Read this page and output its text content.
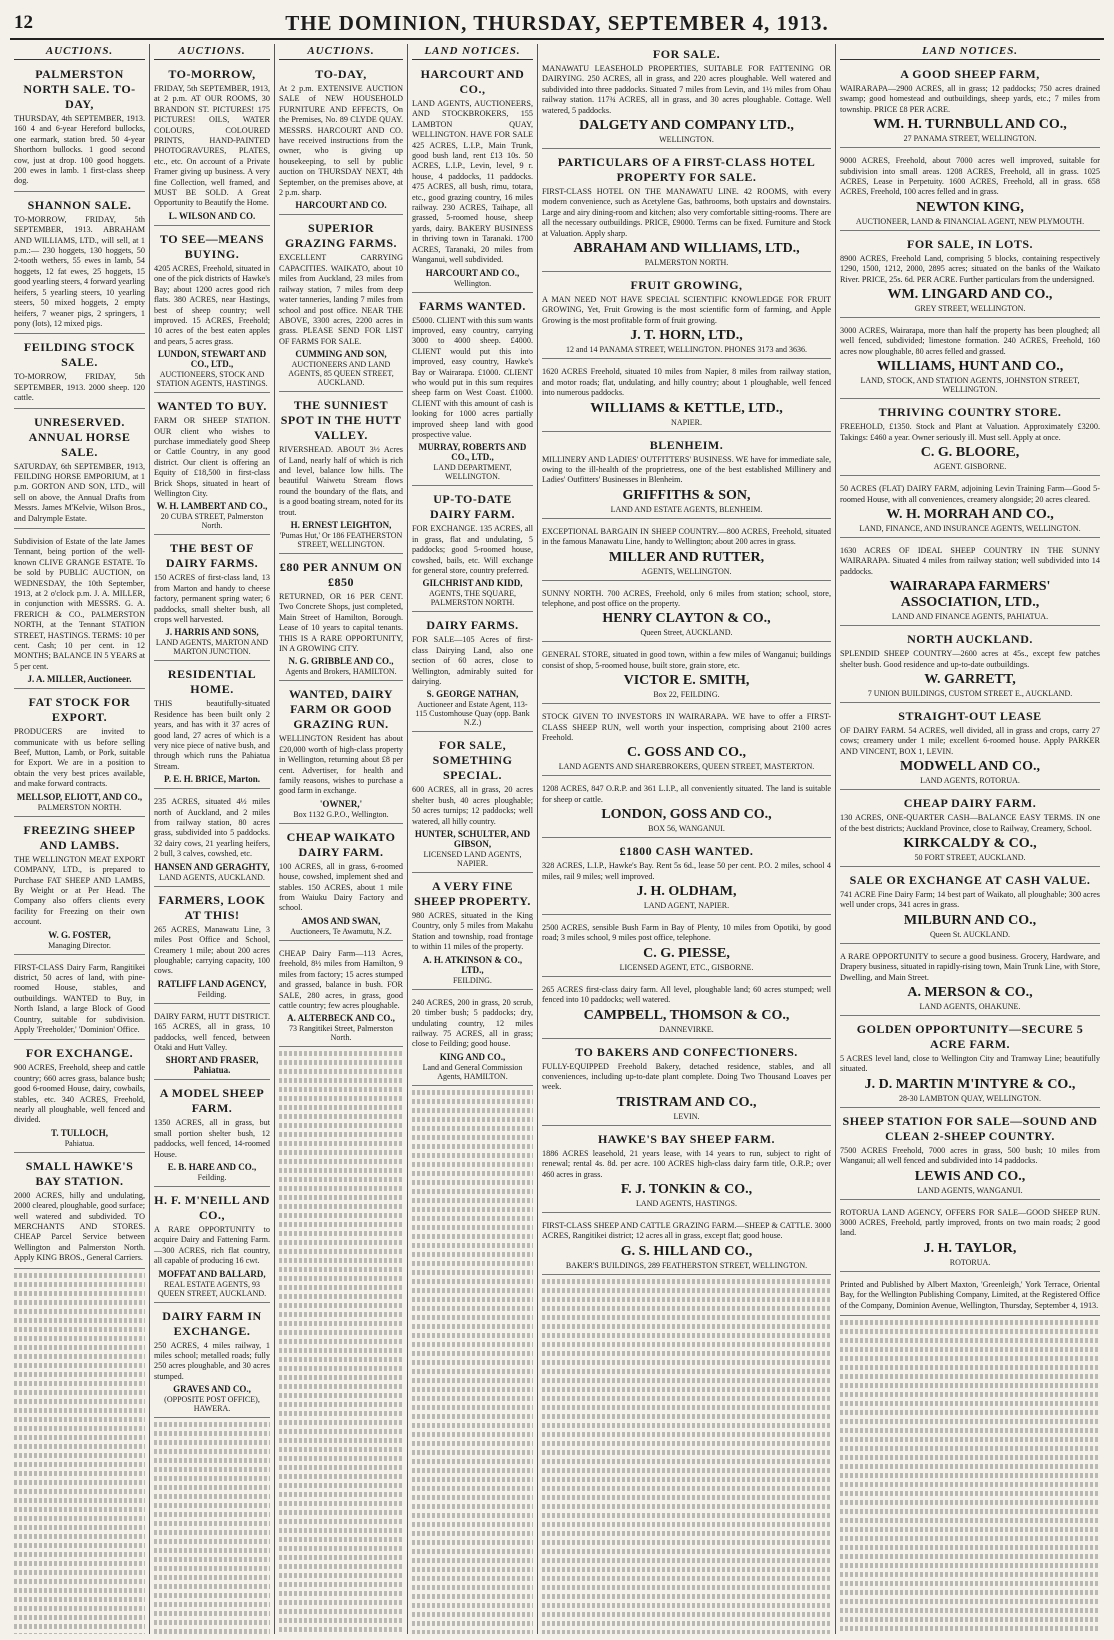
12	THE DOMINION, THURSDAY, SEPTEMBER 4, 1913.
AUCTIONS.
PALMERSTON NORTH SALE. TO-DAY,
THURSDAY, 4th SEPTEMBER, 1913. 160 4 and 6-year Hereford bullocks, one earmark, station bred. 50 4-year Shorthorn bullocks. 1 good second cow, just at drop. 100 good hoggets. 200 ewes in lamb. 1 first-class sheep dog.
SHANNON SALE.
TO-MORROW, FRIDAY, 5th SEPTEMBER, 1913. ABRAHAM AND WILLIAMS, LTD., will sell, at 1 p.m.:— 230 hoggets, 130 hoggets, 50 2-tooth wethers, 55 ewes in lamb, 54 hoggets, 12 fat ewes, 25 hoggets, 15 good yearling steers, 4 forward yearling heifers, 5 yearling steers, 10 yearling steers, 50 mixed hoggets, 2 empty heifers, 7 weaner pigs, 2 springers, 1 pony (lots), 12 mixed pigs.
FEILDING STOCK SALE.
TO-MORROW, FRIDAY, 5th SEPTEMBER, 1913. 2000 sheep. 120 cattle.
UNRESERVED. ANNUAL HORSE SALE.
SATURDAY, 6th SEPTEMBER, 1913, FEILDING HORSE EMPORIUM, at 1 p.m. GORTON AND SON, LTD., will sell on above, the Annual Drafts from Messrs. James M'Kelvie, Wilson Bros., and Dalrymple Estate.
Subdivision of Estate of the late James Tennant, being portion of the well-known CLIVE GRANGE ESTATE. To be sold by PUBLIC AUCTION, on WEDNESDAY, the 10th September, 1913, at 2 o'clock p.m. J. A. MILLER, in conjunction with MESSRS. G. A. FRERICH & CO., PALMERSTON NORTH, at the Tennant STATION STREET, HASTINGS. TERMS: 10 per cent. Cash; 10 per cent. in 12 MONTHS; BALANCE IN 5 YEARS at 5 per cent.
J. A. MILLER, Auctioneer.
FAT STOCK FOR EXPORT.
PRODUCERS are invited to communicate with us before selling Beef, Mutton, Lamb, or Pork, suitable for Export. We are in a position to obtain the very best prices available, and make forward contracts.
MELLSOP, ELIOTT, AND CO.,
PALMERSTON NORTH.
FREEZING SHEEP AND LAMBS.
THE WELLINGTON MEAT EXPORT COMPANY, LTD., is prepared to Purchase FAT SHEEP AND LAMBS, By Weight or at Per Head. The Company also offers clients every facility for Freezing on their own account.
W. G. FOSTER,
Managing Director.
FIRST-CLASS Dairy Farm, Rangitikei district, 50 acres of land, with pine-roomed House, stables, and outbuildings. WANTED to Buy, in North Island, a large Block of Good Country, suitable for subdivision. Apply 'Freeholder,' 'Dominion' Office.
FOR EXCHANGE.
900 ACRES, Freehold, sheep and cattle country; 660 acres grass, balance bush; good 6-roomed House, dairy, cowbails, stables, etc. 340 ACRES, Freehold, nearly all ploughable, well fenced and divided.
T. TULLOCH,
Pahiatua.
SMALL HAWKE'S BAY STATION.
2000 ACRES, hilly and undulating, 2000 cleared, ploughable, good surface; well watered and subdivided. TO MERCHANTS AND STORES. CHEAP Parcel Service between Wellington and Palmerston North. Apply KING BROS., General Carriers.
AUCTIONS.
TO-MORROW,
FRIDAY, 5th SEPTEMBER, 1913, at 2 p.m. AT OUR ROOMS, 30 BRANDON ST. PICTURES! 175 PICTURES! OILS, WATER COLOURS, COLOURED PRINTS, HAND-PAINTED PHOTOGRAVURES, PLATES, etc., etc. On account of a Private Framer giving up business. A very fine Collection, well framed, and MUST BE SOLD. A Great Opportunity to Beautify the Home.
L. WILSON AND CO.
TO SEE—MEANS BUYING.
4205 ACRES, Freehold, situated in one of the pick districts of Hawke's Bay; about 1200 acres good rich flats. 380 ACRES, near Hastings, best of sheep country; well improved. 15 ACRES, Freehold; 10 acres of the best eaten apples and pears, 5 acres grass.
LUNDON, STEWART AND CO., LTD.,
AUCTIONEERS, STOCK AND STATION AGENTS, HASTINGS.
WANTED TO BUY.
FARM OR SHEEP STATION. OUR client who wishes to purchase immediately good Sheep or Cattle Country, in any good district. Our client is offering an Equity of £18,500 in first-class Brick Shops, situated in heart of Wellington City.
W. H. LAMBERT AND CO.,
20 CUBA STREET, Palmerston North.
THE BEST OF DAIRY FARMS.
150 ACRES of first-class land, 13 from Marton and handy to cheese factory, permanent spring water; 6 paddocks, small shelter bush, all crops well harvested.
J. HARRIS AND SONS,
LAND AGENTS, MARTON AND MARTON JUNCTION.
RESIDENTIAL HOME.
THIS beautifully-situated Residence has been built only 2 years, and has with it 37 acres of good land, 27 acres of which is a very nice piece of native bush, and through which runs the Pahiatua Stream.
P. E. H. BRICE, Marton.
235 ACRES, situated 4½ miles north of Auckland, and 2 miles from railway station, 80 acres grass, subdivided into 5 paddocks. 32 dairy cows, 21 yearling heifers, 2 bull, 3 calves, cowshed, etc.
HANSEN AND GERAGHTY,
LAND AGENTS, AUCKLAND.
FARMERS, LOOK AT THIS!
265 ACRES, Manawatu Line, 3 miles Post Office and School, Creamery 1 mile; about 200 acres ploughable; carrying capacity, 100 cows.
RATLIFF LAND AGENCY,
Feilding.
DAIRY FARM, HUTT DISTRICT. 165 ACRES, all in grass, 10 paddocks, well fenced, between Otaki and Hutt Valley.
SHORT AND FRASER, Pahiatua.
A MODEL SHEEP FARM.
1350 ACRES, all in grass, but small portion shelter bush, 12 paddocks, well fenced, 14-roomed House.
E. B. HARE AND CO.,
Feilding.
H. F. M'NEILL AND CO.,
A RARE OPPORTUNITY to acquire Dairy and Fattening Farm.—300 ACRES, rich flat country, all capable of producing 16 cwt.
MOFFAT AND BALLARD,
REAL ESTATE AGENTS, 93 QUEEN STREET, AUCKLAND.
DAIRY FARM IN EXCHANGE.
250 ACRES, 4 miles railway, 1 miles school; metalled roads; fully 250 acres ploughable, and 30 acres stumped.
GRAVES AND CO.,
(OPPOSITE POST OFFICE), HAWERA.
AUCTIONS.
TO-DAY,
At 2 p.m. EXTENSIVE AUCTION SALE of NEW HOUSEHOLD FURNITURE AND EFFECTS, On the Premises, No. 89 CLYDE QUAY. MESSRS. HARCOURT AND CO. have received instructions from the owner, who is giving up housekeeping, to sell by public auction on THURSDAY NEXT, 4th September, on the premises above, at 2 p.m. sharp.
HARCOURT AND CO.
SUPERIOR GRAZING FARMS.
EXCELLENT CARRYING CAPACITIES. WAIKATO, about 10 miles from Auckland, 23 miles from railway station, 7 miles from deep water tanneries, landing 7 miles from school and post office. NEAR THE ABOVE, 3300 acres, 2200 acres in grass. PLEASE SEND FOR LIST OF FARMS FOR SALE.
CUMMING AND SON,
AUCTIONEERS AND LAND AGENTS, 85 QUEEN STREET, AUCKLAND.
THE SUNNIEST SPOT IN THE HUTT VALLEY.
RIVERSHEAD. ABOUT 3½ Acres of Land, nearly half of which is rich and level, balance low hills. The beautiful Waiwetu Stream flows round the boundary of the flats, and is a good boating stream, noted for its trout.
H. ERNEST LEIGHTON,
'Pumas Hut,' Or 186 FEATHERSTON STREET, WELLINGTON.
£80 PER ANNUM ON £850
RETURNED, OR 16 PER CENT. Two Concrete Shops, just completed, Main Street of Hamilton, Borough. Lease of 10 years to capital tenants. THIS IS A RARE OPPORTUNITY, IN A GROWING CITY.
N. G. GRIBBLE AND CO.,
Agents and Brokers, HAMILTON.
WANTED, DAIRY FARM OR GOOD GRAZING RUN.
WELLINGTON Resident has about £20,000 worth of high-class property in Wellington, returning about £8 per cent. Advertiser, for health and family reasons, wishes to purchase a good farm in exchange.
'OWNER,'
Box 1132 G.P.O., Wellington.
CHEAP WAIKATO DAIRY FARM.
100 ACRES, all in grass, 6-roomed house, cowshed, implement shed and stables. 150 ACRES, about 1 mile from Waiuku Dairy Factory and school.
AMOS AND SWAN,
Auctioneers, Te Awamutu, N.Z.
CHEAP Dairy Farm—113 Acres, freehold, 8½ miles from Hamilton, 9 miles from factory; 15 acres stumped and grassed, balance in bush. FOR SALE, 280 acres, in grass, good cattle country; few acres ploughable.
A. ALTERBECK AND CO.,
73 Rangitikei Street, Palmerston North.
LAND NOTICES.
HARCOURT AND CO.,
LAND AGENTS, AUCTIONEERS, AND STOCKBROKERS, 155 LAMBTON QUAY, WELLINGTON. HAVE FOR SALE 425 ACRES, L.I.P., Main Trunk, good bush land, rent £13 10s. 50 ACRES, L.I.P., Levin, level, 9 r. house, 4 paddocks, 11 paddocks. 475 ACRES, all bush, rimu, totara, etc., good grazing country, 16 miles railway. 230 ACRES, Taihape, all grassed, 5-roomed house, sheep yards, dairy. BAKERY BUSINESS in thriving town in Taranaki. 1700 ACRES, Taranaki, 20 miles from Wanganui, well subdivided.
HARCOURT AND CO.,
Wellington.
FARMS WANTED.
£5000. CLIENT with this sum wants improved, easy country, carrying 3000 to 4000 sheep. £4000. CLIENT would put this into improved, easy country, Hawke's Bay or Wairarapa. £1000. CLIENT who would put in this sum requires sheep farm on West Coast. £1000. CLIENT with this amount of cash is looking for 1000 acres partially improved sheep land with good prospective value.
MURRAY, ROBERTS AND CO., LTD.,
LAND DEPARTMENT, WELLINGTON.
UP-TO-DATE DAIRY FARM.
FOR EXCHANGE. 135 ACRES, all in grass, flat and undulating, 5 paddocks; good 5-roomed house, cowshed, bails, etc. Will exchange for general store, country preferred.
GILCHRIST AND KIDD,
AGENTS, THE SQUARE, PALMERSTON NORTH.
DAIRY FARMS.
FOR SALE—105 Acres of first-class Dairying Land, also one section of 60 acres, close to Wellington, admirably suited for dairying.
S. GEORGE NATHAN,
Auctioneer and Estate Agent, 113-115 Customhouse Quay (opp. Bank N.Z.)
FOR SALE, SOMETHING SPECIAL.
600 ACRES, all in grass, 20 acres shelter bush, 40 acres ploughable; 50 acres turnips; 12 paddocks; well watered, all hilly country.
HUNTER, SCHULTER, AND GIBSON,
LICENSED LAND AGENTS, NAPIER.
A VERY FINE SHEEP PROPERTY.
980 ACRES, situated in the King Country, only 5 miles from Makahu Station and township, road frontage to within 11 miles of the property.
A. H. ATKINSON & CO., LTD.,
FEILDING.
240 ACRES, 200 in grass, 20 scrub, 20 timber bush; 5 paddocks; dry, undulating country, 12 miles railway. 75 ACRES, all in grass; close to Feilding; good house.
KING AND CO.,
Land and General Commission Agents, HAMILTON.
FOR SALE.
MANAWATU LEASEHOLD PROPERTIES, SUITABLE FOR FATTENING OR DAIRYING. 250 ACRES, all in grass, and 220 acres ploughable. Well watered and subdivided into three paddocks. Situated 7 miles from Levin, and 1½ miles from Ohau railway station. 117¾ ACRES, all in grass, and 30 acres ploughable. Cottage. Well watered, 5 paddocks.
DALGETY AND COMPANY LTD.,
WELLINGTON.
PARTICULARS OF A FIRST-CLASS HOTEL PROPERTY FOR SALE.
FIRST-CLASS HOTEL ON THE MANAWATU LINE. 42 ROOMS, with every modern convenience, such as Acetylene Gas, bathrooms, both upstairs and downstairs. Large and airy dining-room and kitchen; also very comfortable sitting-rooms. There are all the necessary outbuildings. PRICE, £9000. Terms can be fixed. Furniture and Stock at Valuation. Apply sharp.
ABRAHAM AND WILLIAMS, LTD.,
PALMERSTON NORTH.
FRUIT GROWING,
A MAN NEED NOT HAVE SPECIAL SCIENTIFIC KNOWLEDGE FOR FRUIT GROWING, Yet, Fruit Growing is the most scientific form of farming, and Apple Growing is the most profitable form of fruit growing.
J. T. HORN, LTD.,
12 and 14 PANAMA STREET, WELLINGTON. PHONES 3173 and 3636.
1620 ACRES Freehold, situated 10 miles from Napier, 8 miles from railway station, and motor roads; flat, undulating, and hilly country; about 1 ploughable, well fenced into numerous paddocks.
WILLIAMS & KETTLE, LTD.,
NAPIER.
BLENHEIM.
MILLINERY AND LADIES' OUTFITTERS' BUSINESS. WE have for immediate sale, owing to the ill-health of the proprietress, one of the best established Millinery and Ladies' Outfitters' Businesses in Blenheim.
GRIFFITHS & SON,
LAND AND ESTATE AGENTS, BLENHEIM.
EXCEPTIONAL BARGAIN IN SHEEP COUNTRY.—800 ACRES, Freehold, situated in the famous Manawatu Line, handy to Wellington; about 200 acres in grass.
MILLER AND RUTTER,
AGENTS, WELLINGTON.
SUNNY NORTH. 700 ACRES, Freehold, only 6 miles from station; school, store, telephone, and post office on the property.
HENRY CLAYTON & CO.,
Queen Street, AUCKLAND.
GENERAL STORE, situated in good town, within a few miles of Wanganui; buildings consist of shop, 5-roomed house, built store, grain store, etc.
VICTOR E. SMITH,
Box 22, FEILDING.
STOCK GIVEN TO INVESTORS IN WAIRARAPA. WE have to offer a FIRST-CLASS SHEEP RUN, well worth your inspection, comprising about 2100 acres Freehold.
C. GOSS AND CO.,
LAND AGENTS AND SHAREBROKERS, QUEEN STREET, MASTERTON.
1208 ACRES, 847 O.R.P. and 361 L.I.P., all conveniently situated. The land is suitable for sheep or cattle.
LONDON, GOSS AND CO.,
BOX 56, WANGANUI.
£1800 CASH WANTED.
328 ACRES, L.I.P., Hawke's Bay. Rent 5s 6d., lease 50 per cent. P.O. 2 miles, school 4 miles, rail 9 miles; well improved.
J. H. OLDHAM,
LAND AGENT, NAPIER.
2500 ACRES, sensible Bush Farm in Bay of Plenty, 10 miles from Opotiki, by good road; 3 miles school, 9 miles post office, telephone.
C. G. PIESSE,
LICENSED AGENT, ETC., GISBORNE.
265 ACRES first-class dairy farm. All level, ploughable land; 60 acres stumped; well fenced into 10 paddocks; well watered.
CAMPBELL, THOMSON & CO.,
DANNEVIRKE.
TO BAKERS AND CONFECTIONERS.
FULLY-EQUIPPED Freehold Bakery, detached residence, stables, and all conveniences, including up-to-date plant complete. Doing Two Thousand Loaves per week.
TRISTRAM AND CO.,
LEVIN.
HAWKE'S BAY SHEEP FARM.
1886 ACRES leasehold, 21 years lease, with 14 years to run, subject to right of renewal; rental 4s. 8d. per acre. 100 ACRES high-class dairy farm title, O.R.P.; over 460 acres in grass.
F. J. TONKIN & CO.,
LAND AGENTS, HASTINGS.
FIRST-CLASS SHEEP AND CATTLE GRAZING FARM.—SHEEP & CATTLE. 3000 ACRES, Rangitikei district; 12 acres all in grass, except flat; good house.
G. S. HILL AND CO.,
BAKER'S BUILDINGS, 289 FEATHERSTON STREET, WELLINGTON.
LAND NOTICES.
A GOOD SHEEP FARM,
WAIRARAPA—2900 ACRES, all in grass; 12 paddocks; 750 acres drained swamp; good homestead and outbuildings, sheep yards, etc.; 7 miles from township. PRICE £8 PER ACRE.
WM. H. TURNBULL AND CO.,
27 PANAMA STREET, WELLINGTON.
9000 ACRES, Freehold, about 7000 acres well improved, suitable for subdivision into small areas. 1208 ACRES, Freehold, all in grass. 1025 ACRES, Lease in Perpetuity. 1600 ACRES, Freehold, all in grass. 658 ACRES, Freehold, 100 acres felled and in grass.
NEWTON KING,
AUCTIONEER, LAND & FINANCIAL AGENT, NEW PLYMOUTH.
FOR SALE, IN LOTS.
8900 ACRES, Freehold Land, comprising 5 blocks, containing respectively 1290, 1500, 1212, 2000, 2895 acres; situated on the banks of the Waikato River. PRICE, 25s. 6d. PER ACRE. Further particulars from the undersigned.
WM. LINGARD AND CO.,
GREY STREET, WELLINGTON.
3000 ACRES, Wairarapa, more than half the property has been ploughed; all well fenced, subdivided; limestone formation. 240 ACRES, Freehold, 160 acres now ploughable, 80 acres felled and grassed.
WILLIAMS, HUNT AND CO.,
LAND, STOCK, AND STATION AGENTS, JOHNSTON STREET, WELLINGTON.
THRIVING COUNTRY STORE.
FREEHOLD, £1350. Stock and Plant at Valuation. Approximately £3200. Takings: £460 a year. Owner seriously ill. Must sell. Apply at once.
C. G. BLOORE,
AGENT. GISBORNE.
50 ACRES (FLAT) DAIRY FARM, adjoining Levin Training Farm—Good 5-roomed House, with all conveniences, creamery alongside; 20 acres cleared.
W. H. MORRAH AND CO.,
LAND, FINANCE, AND INSURANCE AGENTS, WELLINGTON.
1630 ACRES OF IDEAL SHEEP COUNTRY IN THE SUNNY WAIRARAPA. Situated 4 miles from railway station; well subdivided into 14 paddocks.
WAIRARAPA FARMERS' ASSOCIATION, LTD.,
LAND AND FINANCE AGENTS, PAHIATUA.
NORTH AUCKLAND.
SPLENDID SHEEP COUNTRY—2600 acres at 45s., except few patches shelter bush. Good residence and up-to-date outbuildings.
W. GARRETT,
7 UNION BUILDINGS, CUSTOM STREET E., AUCKLAND.
STRAIGHT-OUT LEASE
OF DAIRY FARM. 54 ACRES, well divided, all in grass and crops, carry 27 cows; creamery under 1 mile; excellent 6-roomed house. Apply PARKER AND VINCENT, BOX 1, LEVIN.
MODWELL AND CO.,
LAND AGENTS, ROTORUA.
CHEAP DAIRY FARM.
130 ACRES, ONE-QUARTER CASH—BALANCE EASY TERMS. IN one of the best districts; Auckland Province, close to Railway, Creamery, School.
KIRKCALDY & CO.,
50 FORT STREET, AUCKLAND.
SALE OR EXCHANGE AT CASH VALUE.
741 ACRE Fine Dairy Farm; 14 best part of Waikato, all ploughable; 300 acres well under crops, 341 acres in grass.
MILBURN AND CO.,
Queen St. AUCKLAND.
A RARE OPPORTUNITY to secure a good business. Grocery, Hardware, and Drapery business, situated in rapidly-rising town, Main Trunk Line, with Store, Dwelling, and Main Street.
A. MERSON & CO.,
LAND AGENTS, OHAKUNE.
GOLDEN OPPORTUNITY—SECURE 5 ACRE FARM.
5 ACRES level land, close to Wellington City and Tramway Line; beautifully situated.
J. D. MARTIN M'INTYRE & CO.,
28-30 LAMBTON QUAY, WELLINGTON.
SHEEP STATION FOR SALE—SOUND AND CLEAN 2-SHEEP COUNTRY.
7500 ACRES Freehold, 7000 acres in grass, 500 bush; 10 miles from Wanganui; all well fenced and subdivided into 14 paddocks.
LEWIS AND CO.,
LAND AGENTS, WANGANUI.
ROTORUA LAND AGENCY, OFFERS FOR SALE—GOOD SHEEP RUN. 3000 ACRES, Freehold, partly improved, fronts on two main roads; 2 good land.
J. H. TAYLOR,
ROTORUA.
Printed and Published by Albert Maxton, 'Greenleigh,' York Terrace, Oriental Bay, for the Wellington Publishing Company, Limited, at the Registered Office of the Company, Dominion Avenue, Wellington, Thursday, September 4, 1913.
